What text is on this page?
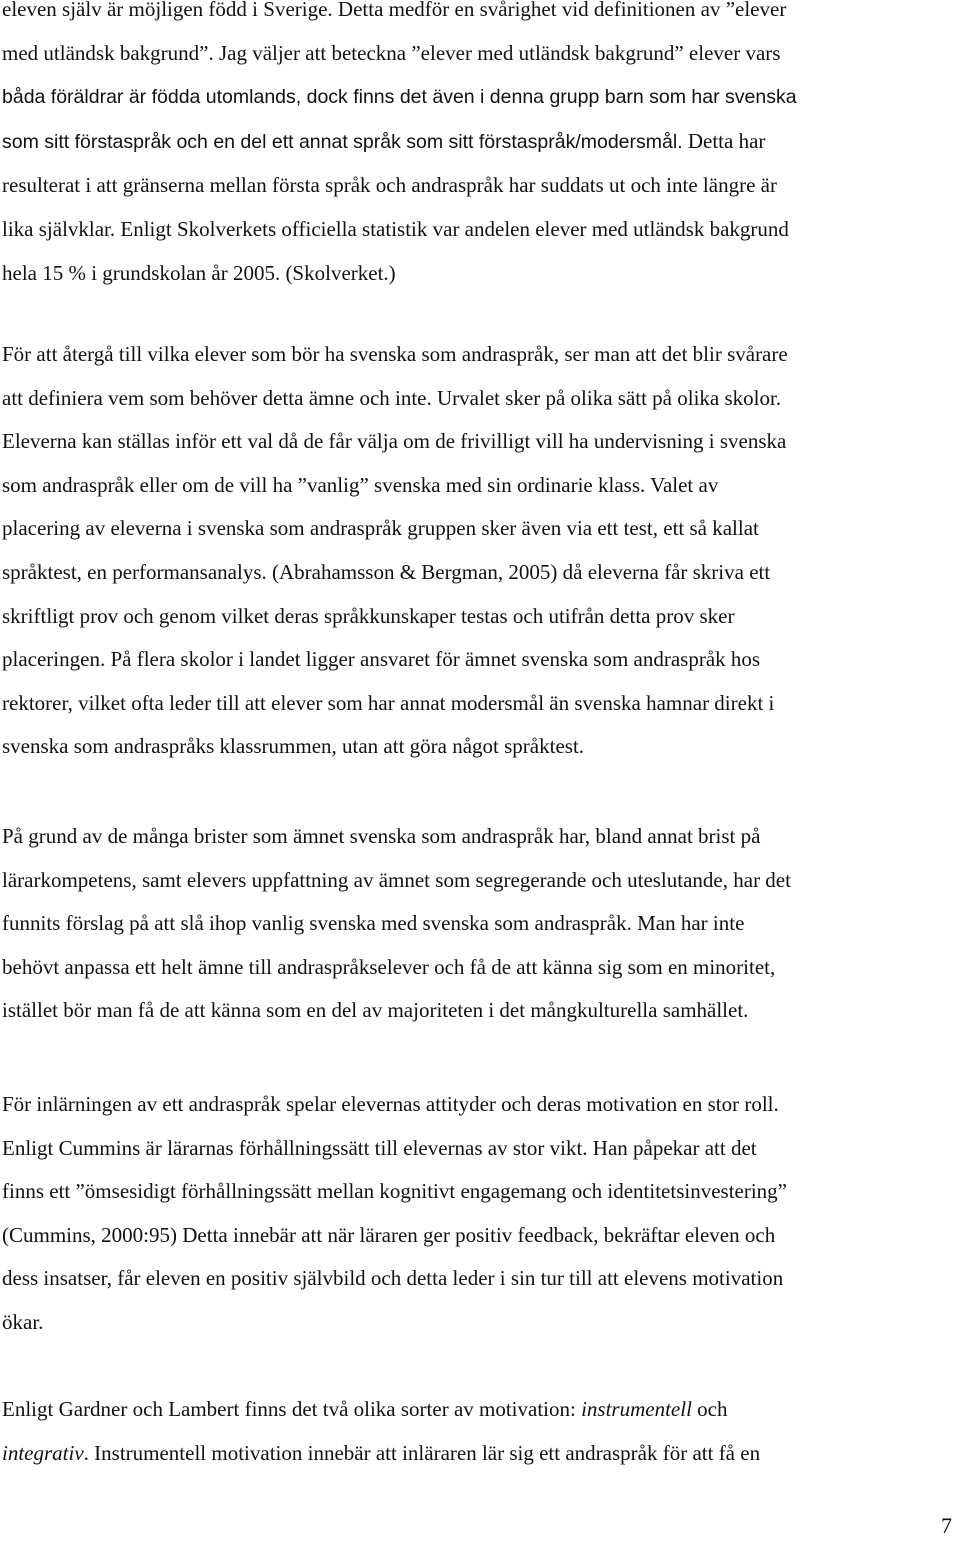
eleven själv är möjligen född i Sverige. Detta medför en svårighet vid definitionen av ”elever
med utländsk bakgrund”. Jag väljer att beteckna ”elever med utländsk bakgrund” elever vars
båda föräldrar är födda utomlands, dock finns det även i denna grupp barn som har svenska
som sitt förstaspråk och en del ett annat språk som sitt förstaspråk/modersmål. Detta har
resulterat i att gränserna mellan första språk och andraspråk har suddats ut och inte längre är
lika självklar. Enligt Skolverkets officiella statistik var andelen elever med utländsk bakgrund
hela 15 % i grundskolan år 2005. (Skolverket.)
För att återgå till vilka elever som bör ha svenska som andraspråk, ser man att det blir svårare
att definiera vem som behöver detta ämne och inte. Urvalet sker på olika sätt på olika skolor.
Eleverna kan ställas inför ett val då de får välja om de frivilligt vill ha undervisning i svenska
som andraspråk eller om de vill ha ”vanlig” svenska med sin ordinarie klass. Valet av
placering av eleverna i svenska som andraspråk gruppen sker även via ett test, ett så kallat
språktest, en performansanalys. (Abrahamsson & Bergman, 2005) då eleverna får skriva ett
skriftligt prov och genom vilket deras språkkunskaper testas och utifrån detta prov sker
placeringen. På flera skolor i landet ligger ansvaret för ämnet svenska som andraspråk hos
rektorer, vilket ofta leder till att elever som har annat modersmål än svenska hamnar direkt i
svenska som andraspråks klassrummen, utan att göra något språktest.
På grund av de många brister som ämnet svenska som andraspråk har, bland annat brist på
lärarkompetens, samt elevers uppfattning av ämnet som segregerande och uteslutande, har det
funnits förslag på att slå ihop vanlig svenska med svenska som andraspråk. Man har inte
behövt anpassa ett helt ämne till andraspråkselever och få de att känna sig som en minoritet,
istället bör man få de att känna som en del av majoriteten i det mångkulturella samhället.
För inlärningen av ett andraspråk spelar elevernas attityder och deras motivation en stor roll.
Enligt Cummins är lärarnas förhållningssätt till elevernas av stor vikt. Han påpekar att det
finns ett ”ömsesidigt förhållningssätt mellan kognitivt engagemang och identitetsinvestering”
(Cummins, 2000:95) Detta innebär att när läraren ger positiv feedback, bekräftar eleven och
dess insatser, får eleven en positiv självbild och detta leder i sin tur till att elevens motivation
ökar.
Enligt Gardner och Lambert finns det två olika sorter av motivation: instrumentell och
integrativ. Instrumentell motivation innebär att inläraren lär sig ett andraspråk för att få en
7
